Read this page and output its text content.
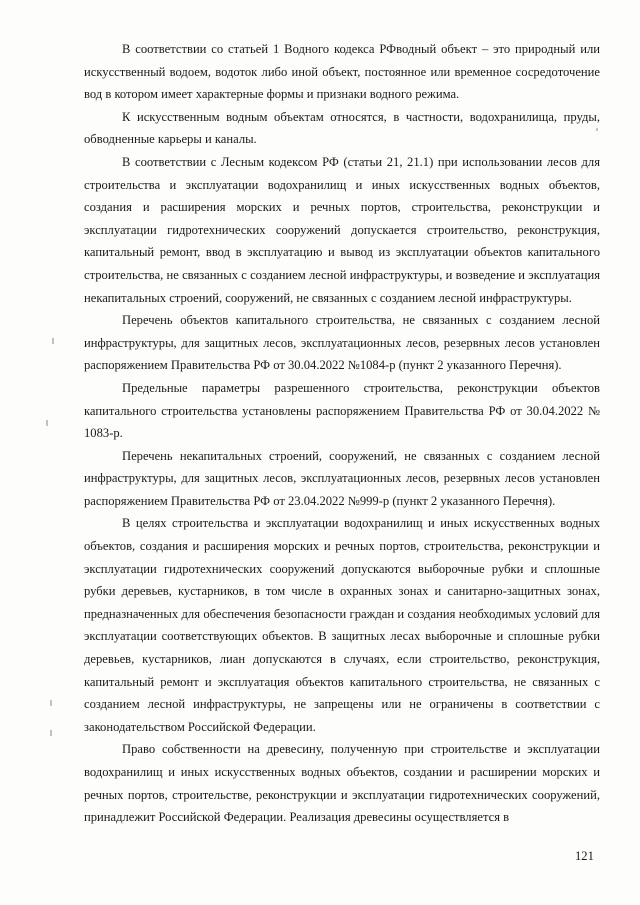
В соответствии со статьей 1 Водного кодекса РФводный объект – это природный или искусственный водоем, водоток либо иной объект, постоянное или временное сосредоточение вод в котором имеет характерные формы и признаки водного режима.

К искусственным водным объектам относятся, в частности, водохранилища, пруды, обводненные карьеры и каналы.

В соответствии с Лесным кодексом РФ (статьи 21, 21.1) при использовании лесов для строительства и эксплуатации водохранилищ и иных искусственных водных объектов, создания и расширения морских и речных портов, строительства, реконструкции и эксплуатации гидротехнических сооружений допускается строительство, реконструкция, капитальный ремонт, ввод в эксплуатацию и вывод из эксплуатации объектов капитального строительства, не связанных с созданием лесной инфраструктуры, и возведение и эксплуатация некапитальных строений, сооружений, не связанных с созданием лесной инфраструктуры.

Перечень объектов капитального строительства, не связанных с созданием лесной инфраструктуры, для защитных лесов, эксплуатационных лесов, резервных лесов установлен распоряжением Правительства РФ от 30.04.2022 №1084-р (пункт 2 указанного Перечня).

Предельные параметры разрешенного строительства, реконструкции объектов капитального строительства установлены распоряжением Правительства РФ от 30.04.2022 № 1083-р.

Перечень некапитальных строений, сооружений, не связанных с созданием лесной инфраструктуры, для защитных лесов, эксплуатационных лесов, резервных лесов установлен распоряжением Правительства РФ от 23.04.2022 №999-р (пункт 2 указанного Перечня).

В целях строительства и эксплуатации водохранилищ и иных искусственных водных объектов, создания и расширения морских и речных портов, строительства, реконструкции и эксплуатации гидротехнических сооружений допускаются выборочные рубки и сплошные рубки деревьев, кустарников, в том числе в охранных зонах и санитарно-защитных зонах, предназначенных для обеспечения безопасности граждан и создания необходимых условий для эксплуатации соответствующих объектов. В защитных лесах выборочные и сплошные рубки деревьев, кустарников, лиан допускаются в случаях, если строительство, реконструкция, капитальный ремонт и эксплуатация объектов капитального строительства, не связанных с созданием лесной инфраструктуры, не запрещены или не ограничены в соответствии с законодательством Российской Федерации.

Право собственности на древесину, полученную при строительстве и эксплуатации водохранилищ и иных искусственных водных объектов, создании и расширении морских и речных портов, строительстве, реконструкции и эксплуатации гидротехнических сооружений, принадлежит Российской Федерации. Реализация древесины осуществляется в

121
